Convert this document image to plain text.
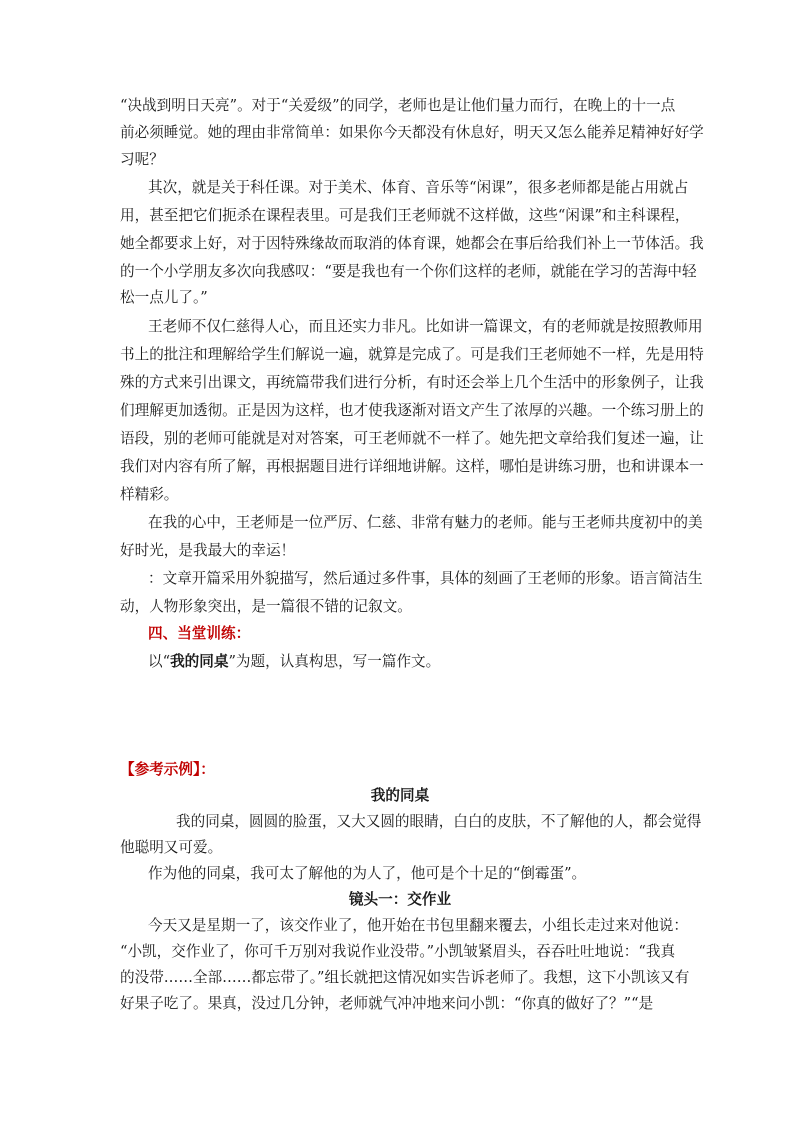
“决战到明日天亮”。对于“关爱级”的同学，老师也是让他们量力而行，在晚上的十一点
前必须睡觉。她的理由非常简单：如果你今天都没有休息好，明天又怎么能养足精神好好学
习呢？
其次，就是关于科任课。对于美术、体育、音乐等“闲课”，很多老师都是能占用就占
用，甚至把它们扼杀在课程表里。可是我们王老师就不这样做，这些“闲课”和主科课程，
她全都要求上好，对于因特殊缘故而取消的体育课，她都会在事后给我们补上一节体活。我
的一个小学朋友多次向我感叹：“要是我也有一个你们这样的老师，就能在学习的苦海中轻
松一点儿了。”
王老师不仅仁慈得人心，而且还实力非凡。比如讲一篇课文，有的老师就是按照教师用
书上的批注和理解给学生们解说一遍，就算是完成了。可是我们王老师她不一样，先是用特
殊的方式来引出课文，再统篇带我们进行分析，有时还会举上几个生活中的形象例子，让我
们理解更加透彻。正是因为这样，也才使我逐渐对语文产生了浓厚的兴趣。一个练习册上的
语段，别的老师可能就是对对答案，可王老师就不一样了。她先把文章给我们复述一遍，让
我们对内容有所了解，再根据题目进行详细地讲解。这样，哪怕是讲练习册，也和讲课本一
样精彩。
在我的心中，王老师是一位严厉、仁慈、非常有魅力的老师。能与王老师共度初中的美
好时光，是我最大的幸运！
：文章开篇采用外貌描写，然后通过多件事，具体的刻画了王老师的形象。语言简洁生
动，人物形象突出，是一篇很不错的记叙文。
四、当堂训练：
以“我的同桌”为题，认真构思，写一篇作文。
【参考示例】：
我的同桌
我的同桌，圆圆的脸蛋，又大又圆的眼睛，白白的皮肤，不了解他的人，都会觉得
他聪明又可爱。
作为他的同桌，我可太了解他的为人了，他可是个十足的“倒霉蛋”。
镜头一：交作业
今天又是星期一了，该交作业了，他开始在书包里翻来覆去，小组长走过来对他说：
“小凯，交作业了，你可千万别对我说作业没带。”小凯皱紧眉头，吞吞吐吐地说：“我真
的没带……全部……都忘带了。”组长就把这情况如实告诉老师了。我想，这下小凯该又有
好果子吃了。果真，没过几分钟，老师就气冲冲地来问小凯：“你真的做好了？”“是
